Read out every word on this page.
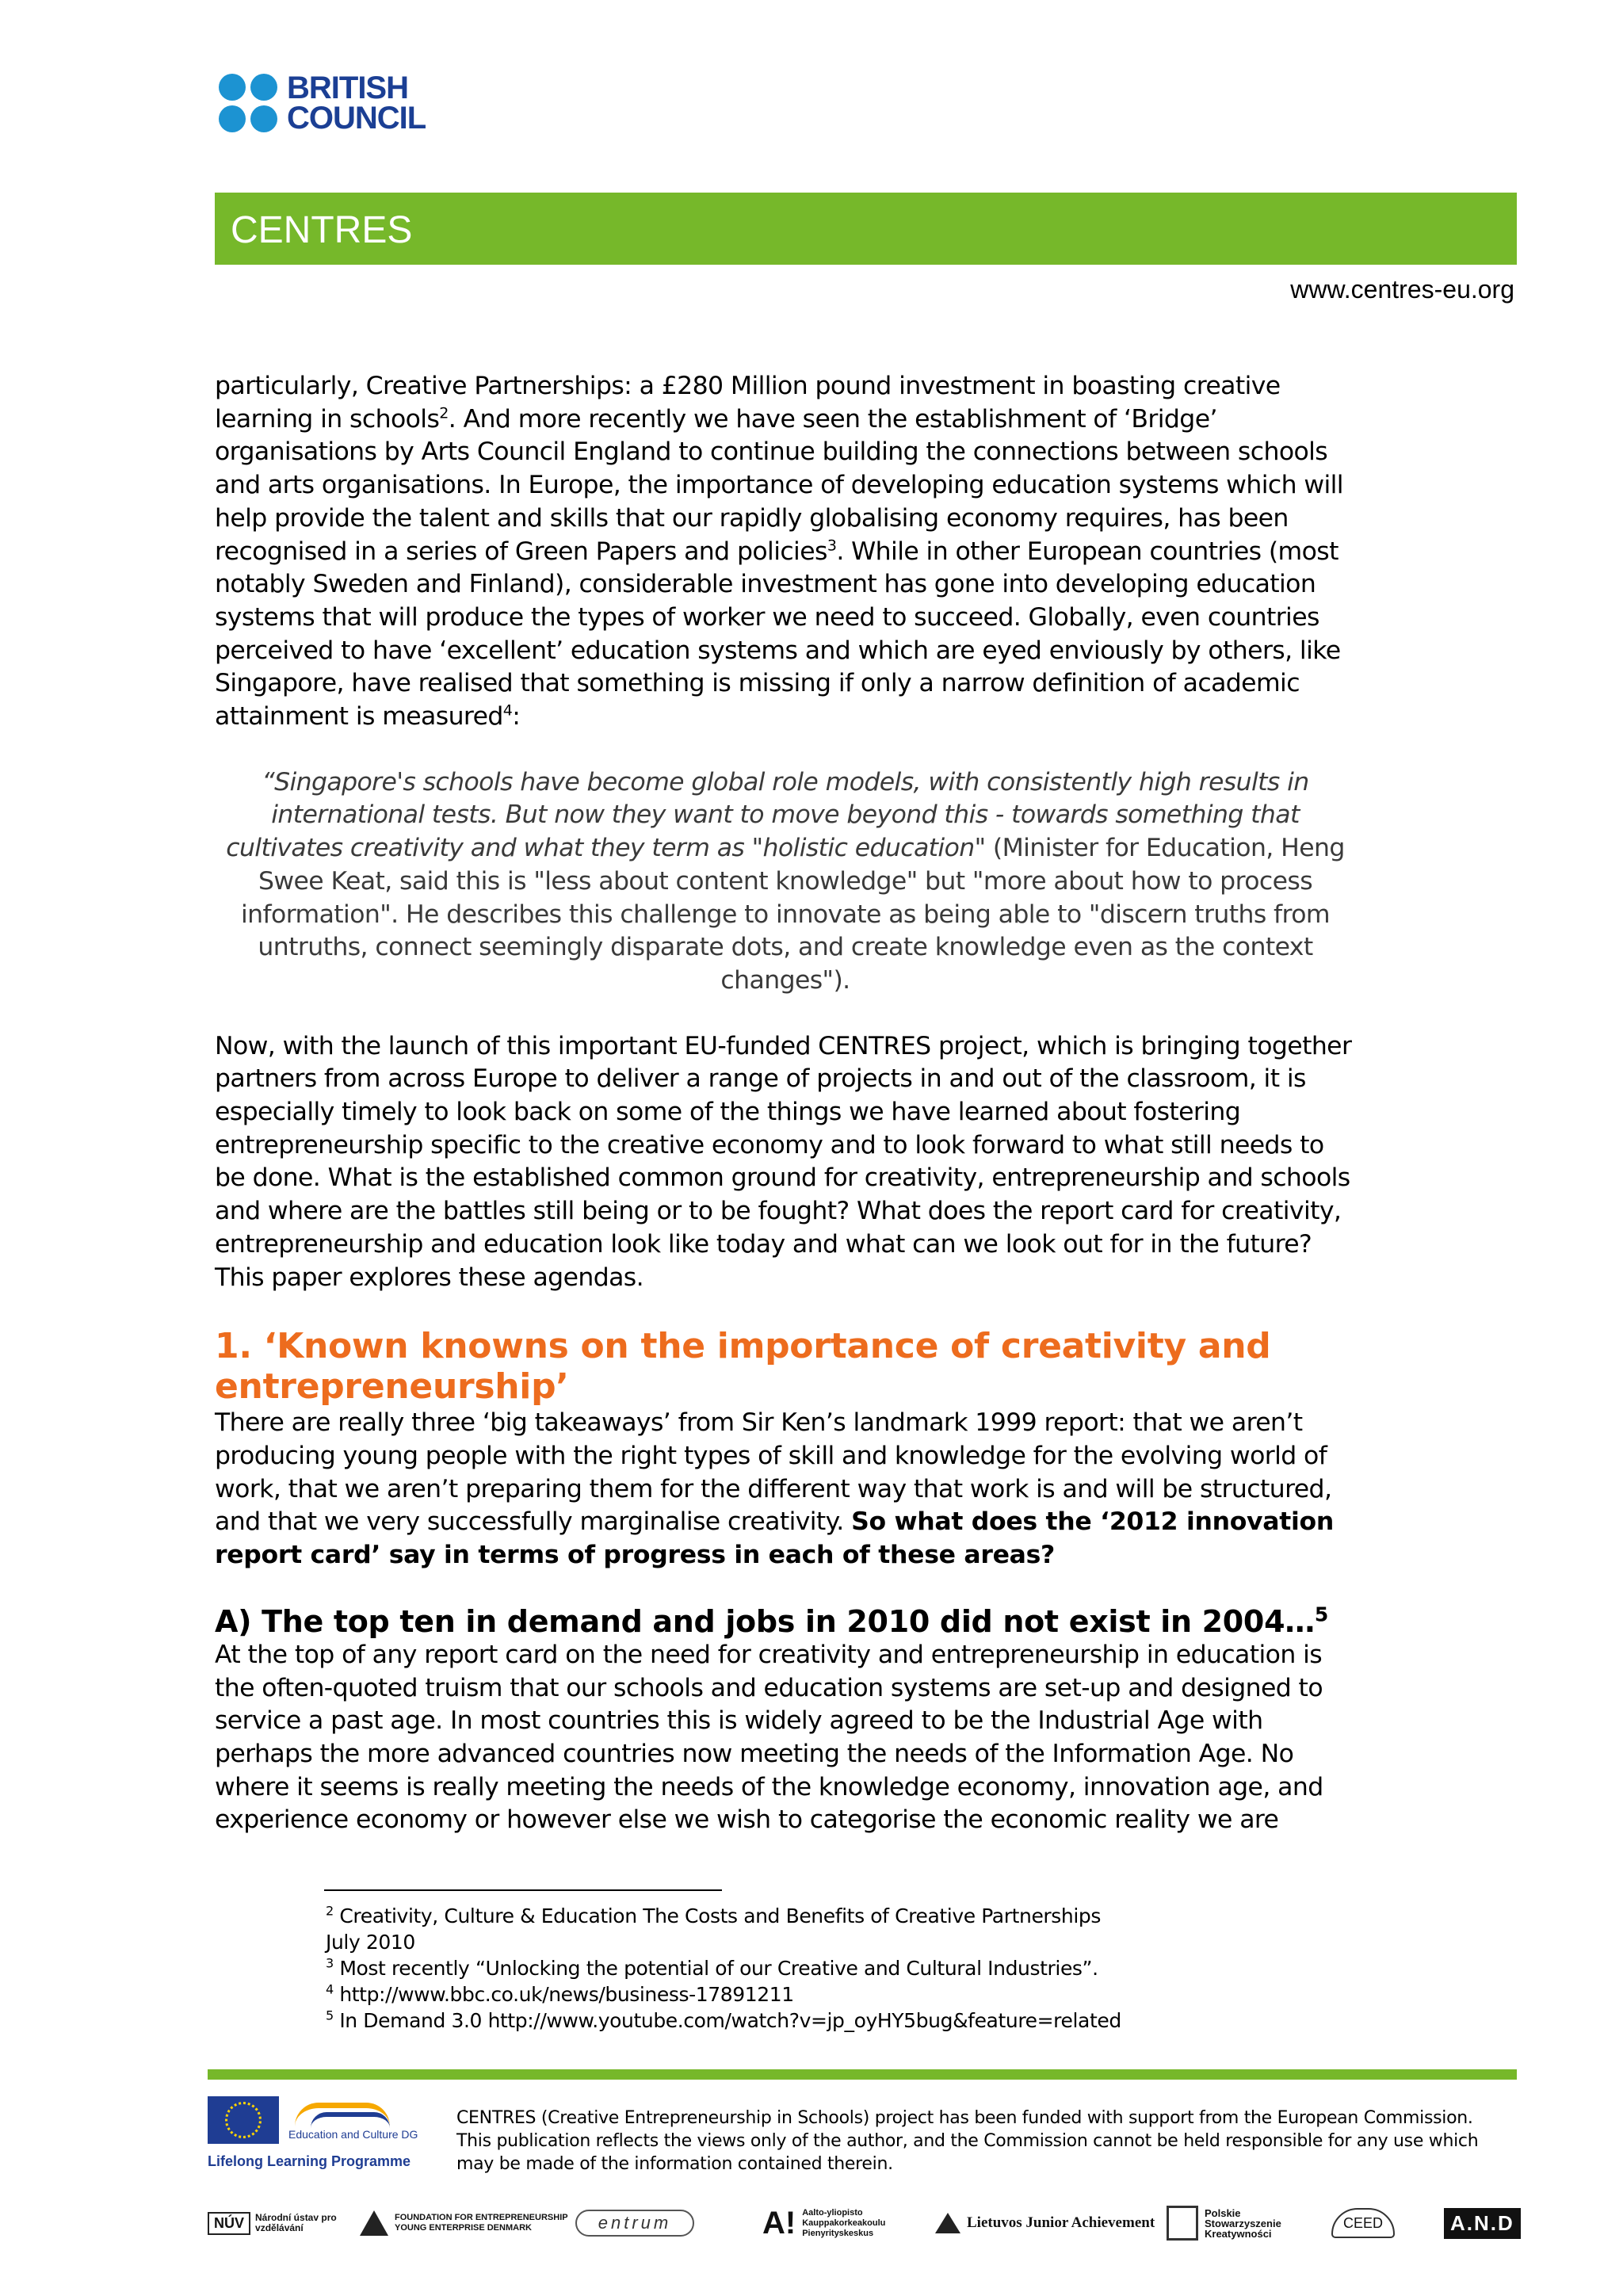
BRITISH
COUNCIL
CENTRES
www.centres-eu.org

particularly, Creative Partnerships: a £280 Million pound investment in boasting creative learning in schools$^2$. And more recently we have seen the establishment of ‘Bridge’ organisations by Arts Council England to continue building the connections between schools and arts organisations. In Europe, the importance of developing education systems which will help provide the talent and skills that our rapidly globalising economy requires, has been recognised in a series of Green Papers and policies$^3$. While in other European countries (most notably Sweden and Finland), considerable investment has gone into developing education systems that will produce the types of worker we need to succeed. Globally, even countries perceived to have ‘excellent’ education systems and which are eyed enviously by others, like Singapore, have realised that something is missing if only a narrow definition of academic attainment is measured$^4$:

“Singapore's schools have become global role models, with consistently high results in international tests. But now they want to move beyond this - towards something that cultivates creativity and what they term as "holistic education" (Minister for Education, Heng Swee Keat, said this is "less about content knowledge" but "more about how to process information". He describes this challenge to innovate as being able to "discern truths from untruths, connect seemingly disparate dots, and create knowledge even as the context changes").

Now, with the launch of this important EU-funded CENTRES project, which is bringing together partners from across Europe to deliver a range of projects in and out of the classroom, it is especially timely to look back on some of the things we have learned about fostering entrepreneurship specific to the creative economy and to look forward to what still needs to be done. What is the established common ground for creativity, entrepreneurship and schools and where are the battles still being or to be fought? What does the report card for creativity, entrepreneurship and education look like today and what can we look out for in the future? This paper explores these agendas.

1. ‘Known knowns on the importance of creativity and entrepreneurship’

There are really three ‘big takeaways’ from Sir Ken’s landmark 1999 report: that we aren’t producing young people with the right types of skill and knowledge for the evolving world of work, that we aren’t preparing them for the different way that work is and will be structured, and that we very successfully marginalise creativity. So what does the ‘2012 innovation report card’ say in terms of progress in each of these areas?

A) The top ten in demand and jobs in 2010 did not exist in 2004…$^5$

At the top of any report card on the need for creativity and entrepreneurship in education is the often-quoted truism that our schools and education systems are set-up and designed to service a past age. In most countries this is widely agreed to be the Industrial Age with perhaps the more advanced countries now meeting the needs of the Information Age. No where it seems is really meeting the needs of the knowledge economy, innovation age, and experience economy or however else we wish to categorise the economic reality we are

$^2$ Creativity, Culture & Education The Costs and Benefits of Creative Partnerships
July 2010
$^3$ Most recently “Unlocking the potential of our Creative and Cultural Industries”.
$^4$ http://www.bbc.co.uk/news/business-17891211
$^5$ In Demand 3.0 http://www.youtube.com/watch?v=jp_oyHY5bug&feature=related
Education and Culture DG
Lifelong Learning Programme
CENTRES (Creative Entrepreneurship in Schools) project has been funded with support from the European Commission. This publication reflects the views only of the author, and the Commission cannot be held responsible for any use which may be made of the information contained therein.
NÚV	Národní ústav pro vzdělávání
FOUNDATION FOR ENTREPRENEURSHIP YOUNG ENTERPRISE DENMARK	entrum	A! Aalto-yliopisto Kauppakorkeakoulu Pienyrityskeskus
Lietuvos Junior Achievement
Polskie Stowarzyszenie Kreatywności
CEED	A.N.D
